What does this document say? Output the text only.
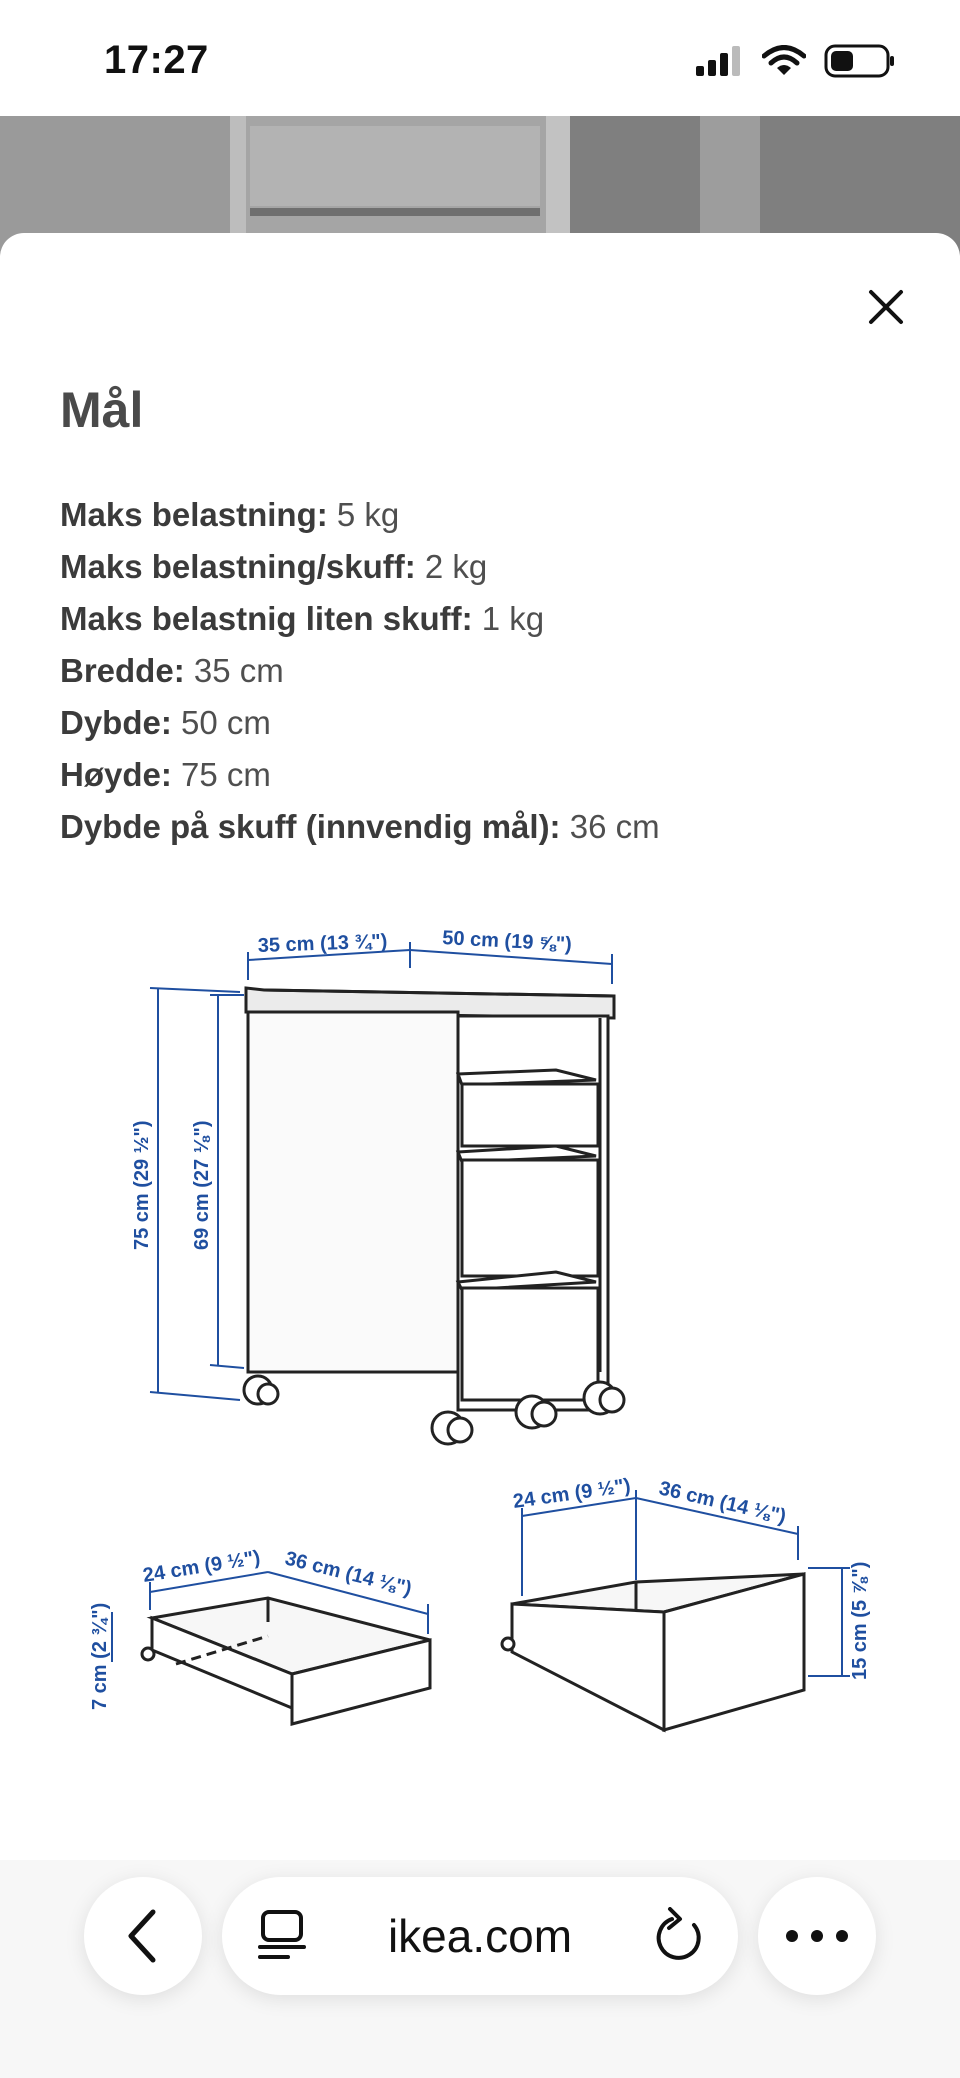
17:27
Mål
Maks belastning: 5 kg
Maks belastning/skuff: 2 kg
Maks belastnig liten skuff: 1 kg
Bredde: 35 cm
Dybde: 50 cm
Høyde: 75 cm
Dybde på skuff (innvendig mål): 36 cm
35 cm (13 ¾")	50 cm (19 ⅝")
75 cm (29 ½") 69 cm (27 ⅛")
24 cm (9 ½") 36 cm (14 ⅛")
7 cm (2 ¾")
24 cm (9 ½") 36 cm (14 ⅛")
15 cm (5 ⅞")
ikea.com
